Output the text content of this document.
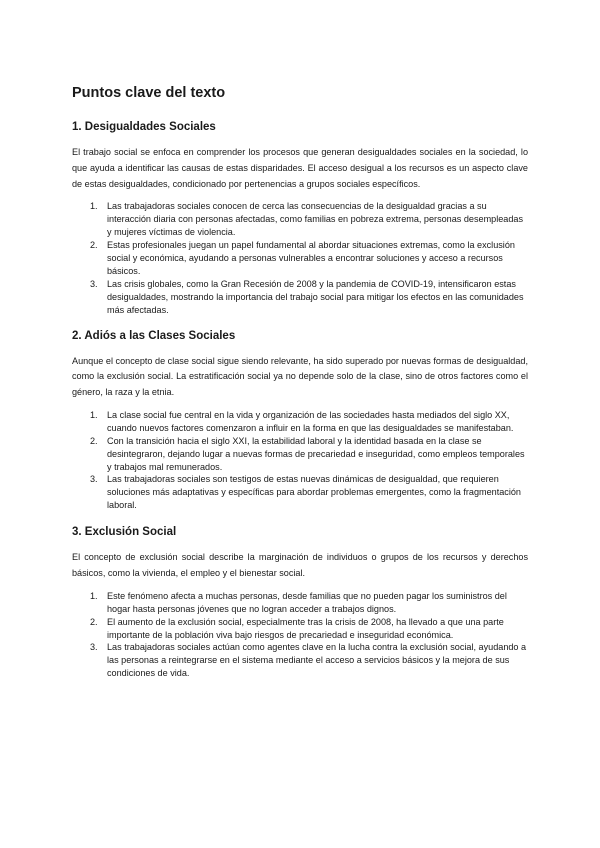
Puntos clave del texto
1. Desigualdades Sociales

El trabajo social se enfoca en comprender los procesos que generan desigualdades sociales en la sociedad, lo que ayuda a identificar las causas de estas disparidades. El acceso desigual a los recursos es un aspecto clave de estas desigualdades, condicionado por pertenencias a grupos sociales específicos.

1. Las trabajadoras sociales conocen de cerca las consecuencias de la desigualdad gracias a su interacción diaria con personas afectadas, como familias en pobreza extrema, personas desempleadas y mujeres víctimas de violencia.
2. Estas profesionales juegan un papel fundamental al abordar situaciones extremas, como la exclusión social y económica, ayudando a personas vulnerables a encontrar soluciones y acceso a recursos básicos.
3. Las crisis globales, como la Gran Recesión de 2008 y la pandemia de COVID-19, intensificaron estas desigualdades, mostrando la importancia del trabajo social para mitigar los efectos en las comunidades más afectadas.
2. Adiós a las Clases Sociales

Aunque el concepto de clase social sigue siendo relevante, ha sido superado por nuevas formas de desigualdad, como la exclusión social. La estratificación social ya no depende solo de la clase, sino de otros factores como el género, la raza y la etnia.

1. La clase social fue central en la vida y organización de las sociedades hasta mediados del siglo XX, cuando nuevos factores comenzaron a influir en la forma en que las desigualdades se manifestaban.
2. Con la transición hacia el siglo XXI, la estabilidad laboral y la identidad basada en la clase se desintegraron, dejando lugar a nuevas formas de precariedad e inseguridad, como empleos temporales y trabajos mal remunerados.
3. Las trabajadoras sociales son testigos de estas nuevas dinámicas de desigualdad, que requieren soluciones más adaptativas y específicas para abordar problemas emergentes, como la fragmentación laboral.
3. Exclusión Social

El concepto de exclusión social describe la marginación de individuos o grupos de los recursos y derechos básicos, como la vivienda, el empleo y el bienestar social.

1. Este fenómeno afecta a muchas personas, desde familias que no pueden pagar los suministros del hogar hasta personas jóvenes que no logran acceder a trabajos dignos.
2. El aumento de la exclusión social, especialmente tras la crisis de 2008, ha llevado a que una parte importante de la población viva bajo riesgos de precariedad e inseguridad económica.
3. Las trabajadoras sociales actúan como agentes clave en la lucha contra la exclusión social, ayudando a las personas a reintegrarse en el sistema mediante el acceso a servicios básicos y la mejora de sus condiciones de vida.
